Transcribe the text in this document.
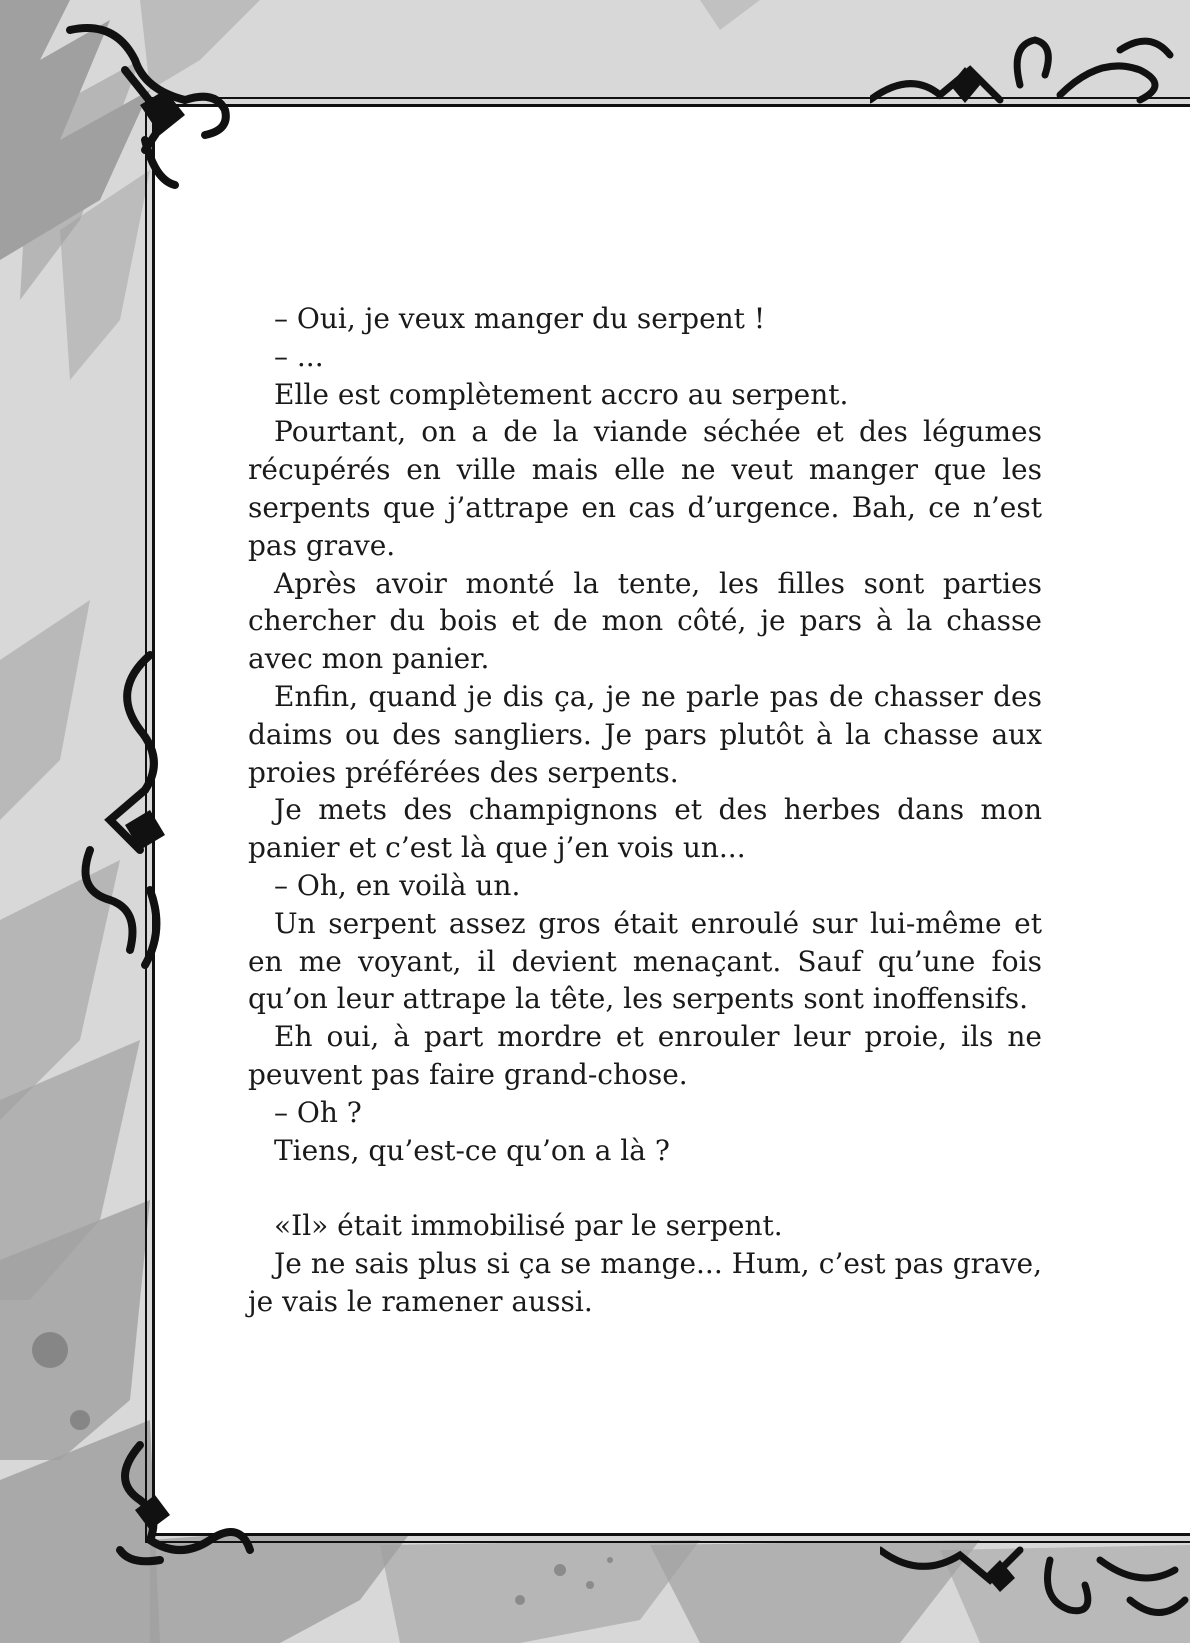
– Oui, je veux manger du serpent !

– ...

Elle est complètement accro au serpent.

Pourtant, on a de la viande séchée et des légumes récupérés en ville mais elle ne veut manger que les serpents que j’attrape en cas d’urgence. Bah, ce n’est pas grave.

Après avoir monté la tente, les filles sont parties chercher du bois et de mon côté, je pars à la chasse avec mon panier.

Enfin, quand je dis ça, je ne parle pas de chasser des daims ou des sangliers. Je pars plutôt à la chasse aux proies préférées des serpents.

Je mets des champignons et des herbes dans mon panier et c’est là que j’en vois un...

– Oh, en voilà un.

Un serpent assez gros était enroulé sur lui-même et en me voyant, il devient menaçant. Sauf qu’une fois qu’on leur attrape la tête, les serpents sont inoffensifs.

Eh oui, à part mordre et enrouler leur proie, ils ne peuvent pas faire grand-chose.

– Oh ?

Tiens, qu’est-ce qu’on a là ?

«Il» était immobilisé par le serpent.

Je ne sais plus si ça se mange... Hum, c’est pas grave, je vais le ramener aussi.
